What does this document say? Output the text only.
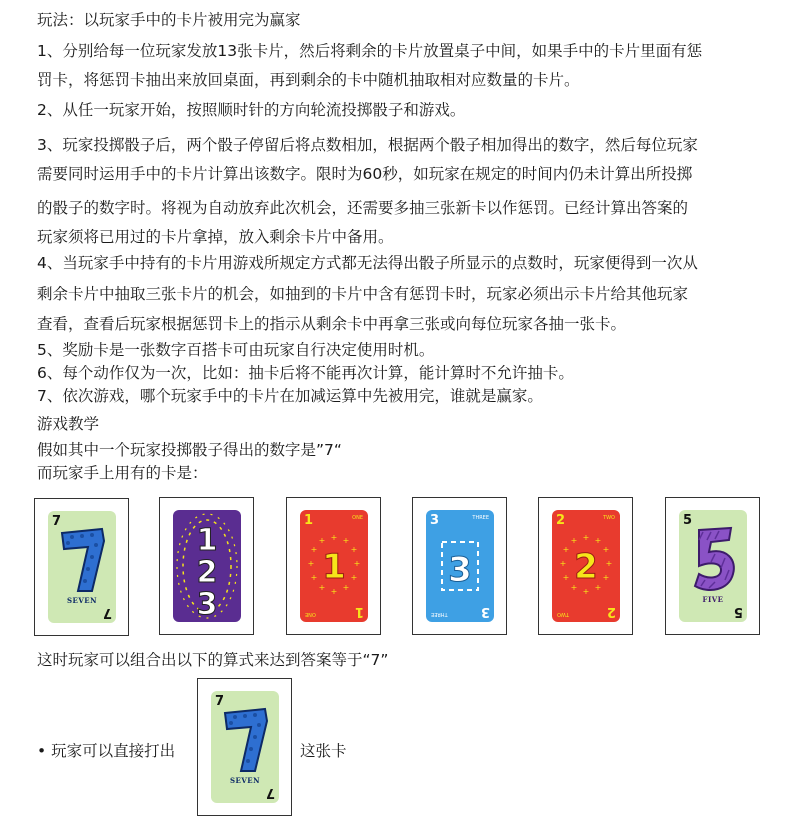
玩法：以玩家手中的卡片被用完为赢家
1、分别给每一位玩家发放13张卡片，然后将剩余的卡片放置桌子中间，如果手中的卡片里面有惩
罚卡，将惩罚卡抽出来放回桌面，再到剩余的卡中随机抽取相对应数量的卡片。
2、从任一玩家开始，按照顺时针的方向轮流投掷骰子和游戏。
3、玩家投掷骰子后，两个骰子停留后将点数相加，根据两个骰子相加得出的数字，然后每位玩家
需要同时运用手中的卡片计算出该数字。限时为60秒，如玩家在规定的时间内仍未计算出所投掷
的骰子的数字时。将视为自动放弃此次机会，还需要多抽三张新卡以作惩罚。已经计算出答案的
玩家须将已用过的卡片拿掉，放入剩余卡片中备用。
4、当玩家手中持有的卡片用游戏所规定方式都无法得出骰子所显示的点数时，玩家便得到一次从
剩余卡片中抽取三张卡片的机会，如抽到的卡片中含有惩罚卡时，玩家必须出示卡片给其他玩家
查看，查看后玩家根据惩罚卡上的指示从剩余卡中再拿三张或向每位玩家各抽一张卡。
5、奖励卡是一张数字百搭卡可由玩家自行决定使用时机。
6、每个动作仅为一次，比如：抽卡后将不能再次计算，能计算时不允许抽卡。
7、依次游戏，哪个玩家手中的卡片在加减运算中先被用完，谁就是赢家。
游戏教学
假如其中一个玩家投掷骰子得出的数字是”7“
而玩家手上用有的卡是：
7
SEVEN
7
1
2
3
1	ONE
+ +
+
+
+
+
+
+
+
+
+
+
1
ONE	1
3	THREE
3
THREE	3
2	TWO
+ +
+
+
+
+
+
+
+
+
+
+
2
TWO	2
5
FIVE
5
这时玩家可以组合出以下的算式来达到答案等于“7”
• 玩家可以直接打出
7
SEVEN
7
这张卡
